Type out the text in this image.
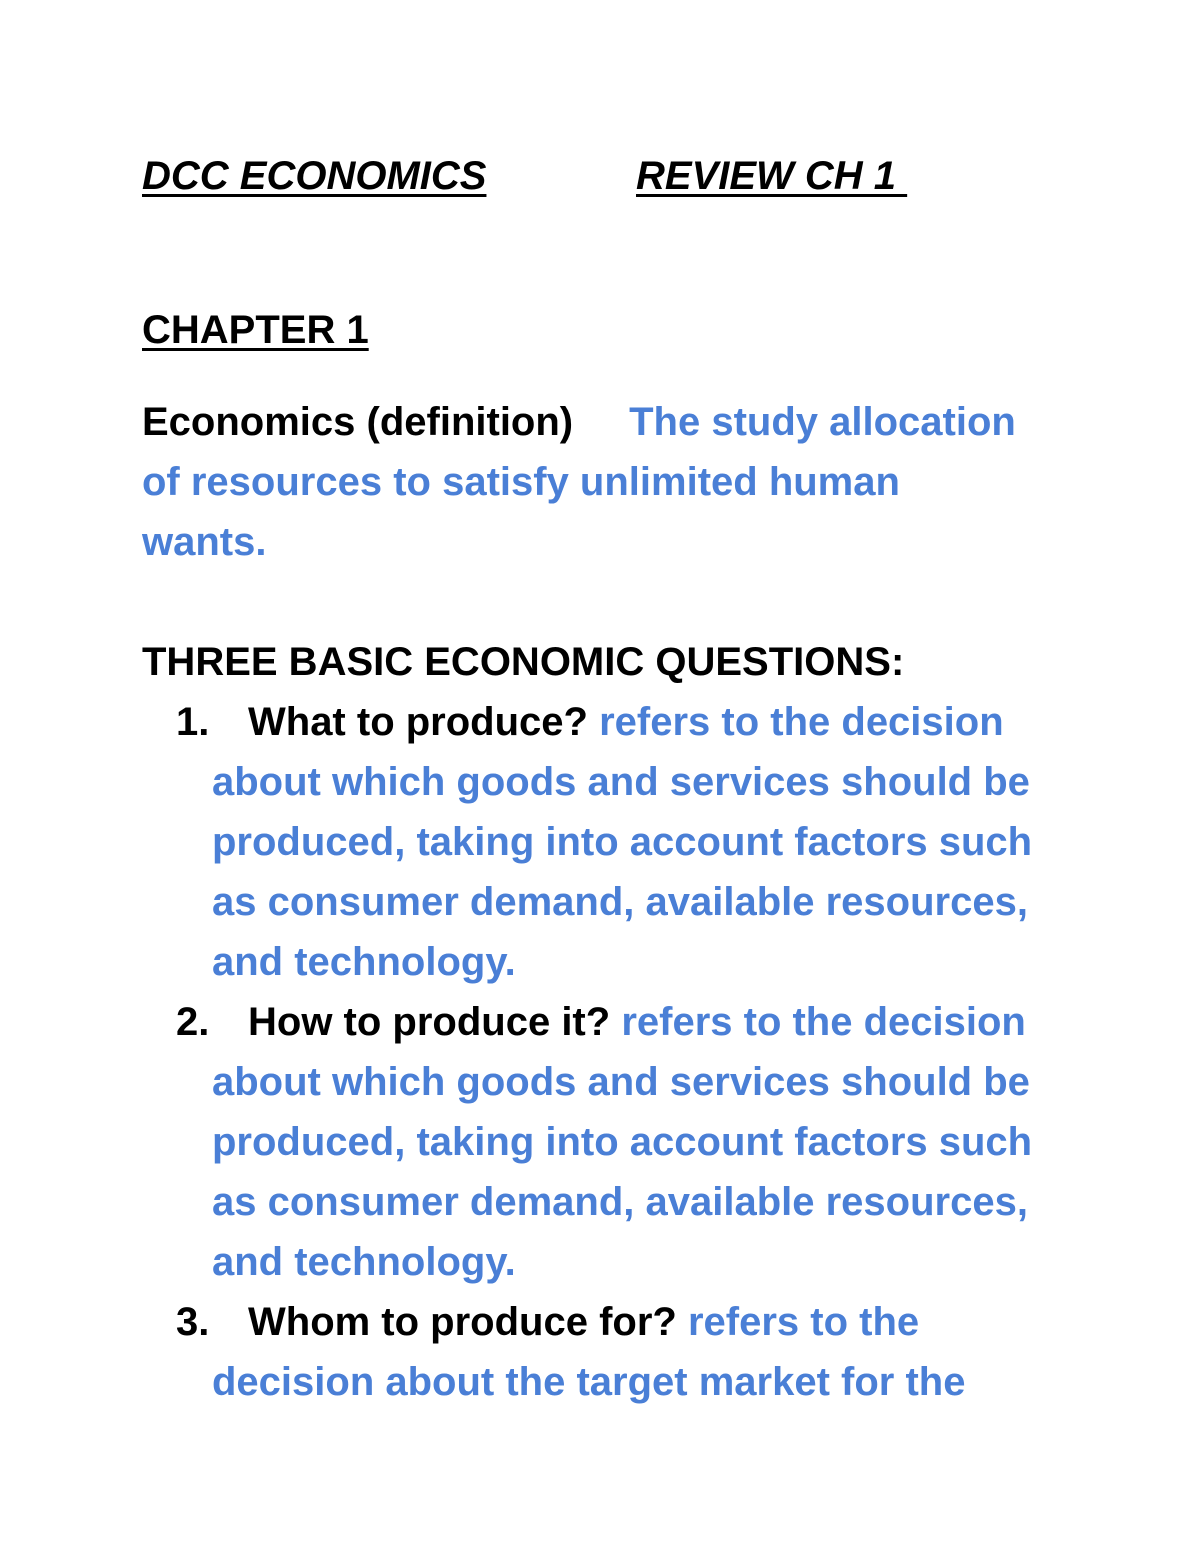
DCC ECONOMICS

	REVIEW CH 1

CHAPTER 1
Economics (definition) The study allocation of resources to satisfy unlimited human wants.
THREE BASIC ECONOMIC QUESTIONS:
1. What to produce? refers to the decision about which goods and services should be produced, taking into account factors such as consumer demand, available resources, and technology.
2. How to produce it? refers to the decision about which goods and services should be produced, taking into account factors such as consumer demand, available resources, and technology.
3. Whom to produce for? refers to the decision about the target market for the
